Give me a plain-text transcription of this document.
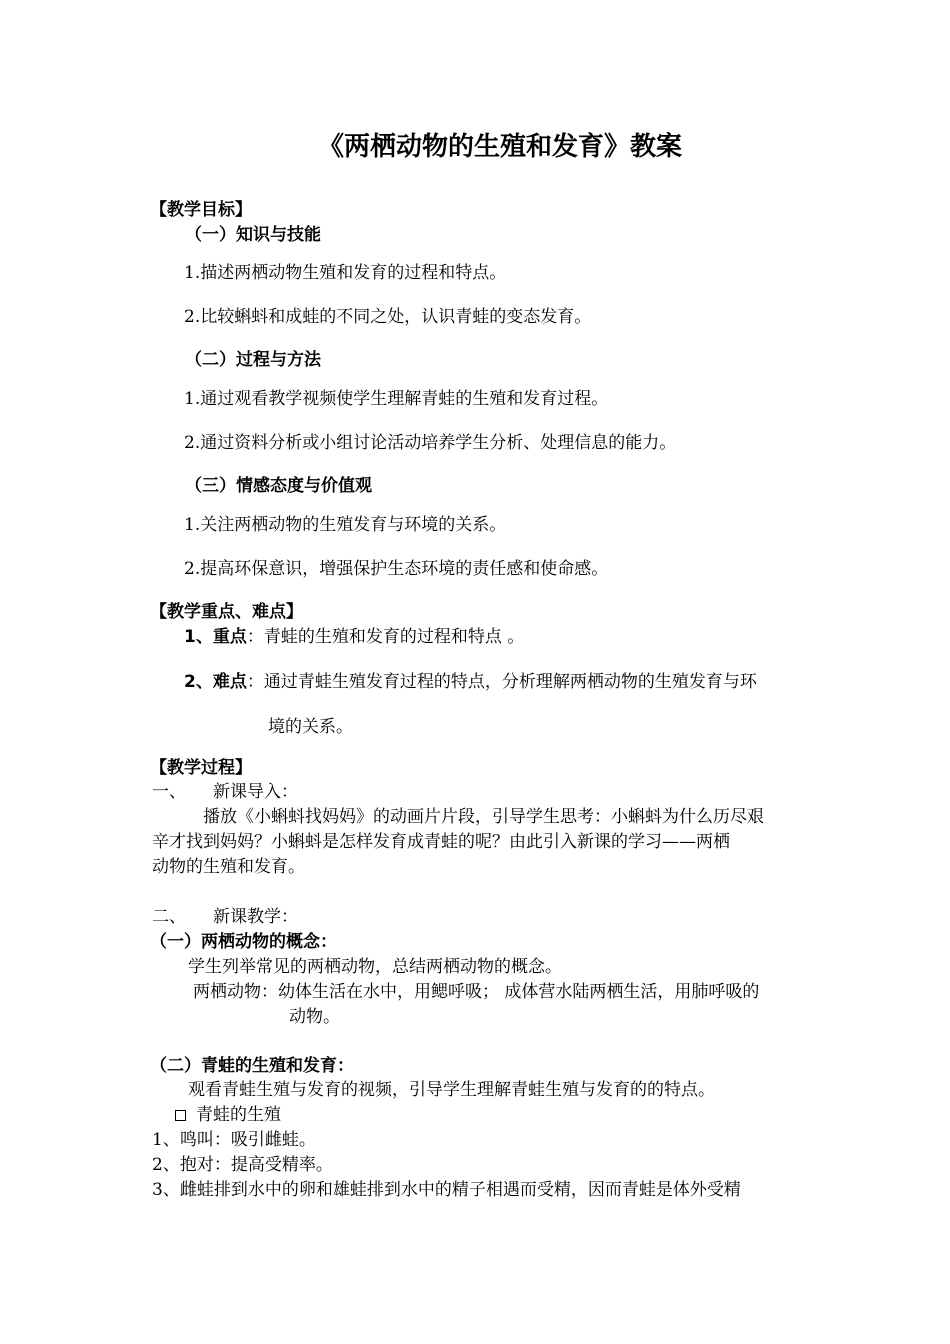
《两栖动物的生殖和发育》教案
【教学目标】
（一）知识与技能
1.描述两栖动物生殖和发育的过程和特点。
2.比较蝌蚪和成蛙的不同之处，认识青蛙的变态发育。
（二）过程与方法
1.通过观看教学视频使学生理解青蛙的生殖和发育过程。
2.通过资料分析或小组讨论活动培养学生分析、处理信息的能力。
（三）情感态度与价值观
1.关注两栖动物的生殖发育与环境的关系。
2.提高环保意识，增强保护生态环境的责任感和使命感。
【教学重点、难点】
1、重点：青蛙的生殖和发育的过程和特点 。
2、难点：通过青蛙生殖发育过程的特点，分析理解两栖动物的生殖发育与环
境的关系。
【教学过程】
一、 新课导入：
播放《小蝌蚪找妈妈》的动画片片段，引导学生思考：小蝌蚪为什么历尽艰
辛才找到妈妈？小蝌蚪是怎样发育成青蛙的呢？由此引入新课的学习——两栖
动物的生殖和发育。
二、 新课教学：
（一）两栖动物的概念：
学生列举常见的两栖动物，总结两栖动物的概念。
两栖动物：幼体生活在水中，用鳃呼吸； 成体营水陆两栖生活，用肺呼吸的
动物。
（二）青蛙的生殖和发育：
观看青蛙生殖与发育的视频，引导学生理解青蛙生殖与发育的的特点。
青蛙的生殖
1、鸣叫：吸引雌蛙。
2、抱对：提高受精率。
3、雌蛙排到水中的卵和雄蛙排到水中的精子相遇而受精，因而青蛙是体外受精
